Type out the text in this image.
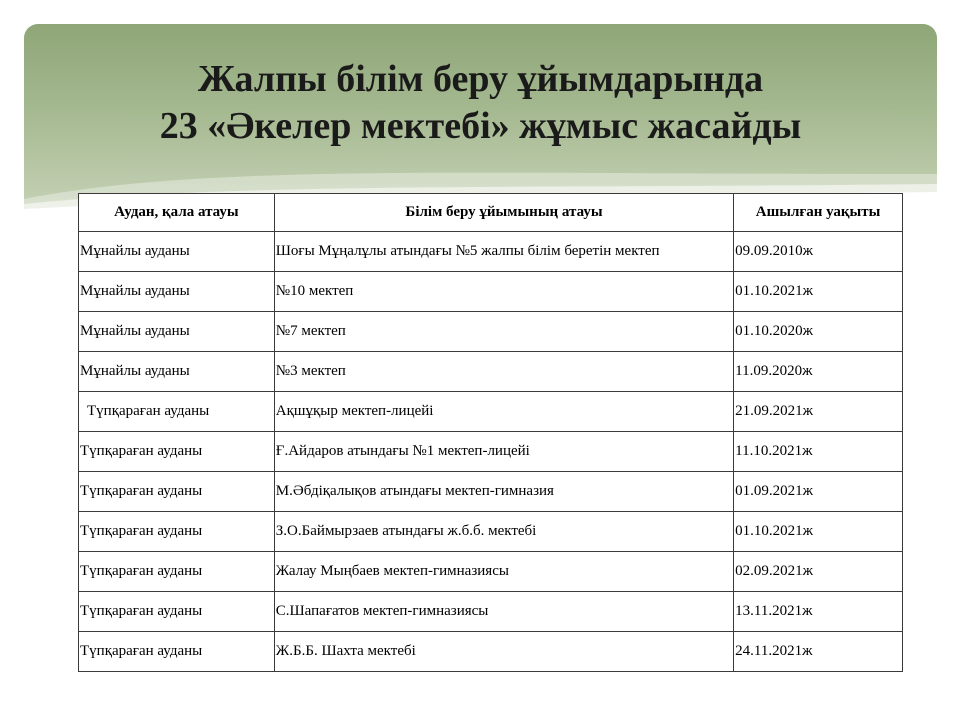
Жалпы білім беру ұйымдарында
23 «Әкелер мектебі» жұмыс жасайды
Аудан, қала атауы	Білім беру ұйымының атауы	Ашылған уақыты
Мұнайлы ауданы	Шоғы Мұңалұлы атындағы №5 жалпы білім беретін мектеп	09.09.2010ж
Мұнайлы ауданы	№10 мектеп	01.10.2021ж
Мұнайлы ауданы	№7 мектеп	01.10.2020ж
Мұнайлы ауданы	№3 мектеп	11.09.2020ж
Түпқараған ауданы	Ақшұқыр мектеп-лицейі	21.09.2021ж
Түпқараған ауданы	Ғ.Айдаров атындағы №1 мектеп-лицейі	11.10.2021ж
Түпқараған ауданы	М.Әбдіқалықов атындағы мектеп-гимназия	01.09.2021ж
Түпқараған ауданы	З.О.Баймырзаев атындағы ж.б.б. мектебі	01.10.2021ж
Түпқараған ауданы	Жалау Мыңбаев мектеп-гимназиясы	02.09.2021ж
Түпқараған ауданы	С.Шапағатов мектеп-гимназиясы	13.11.2021ж
Түпқараған ауданы	Ж.Б.Б. Шахта мектебі	24.11.2021ж
